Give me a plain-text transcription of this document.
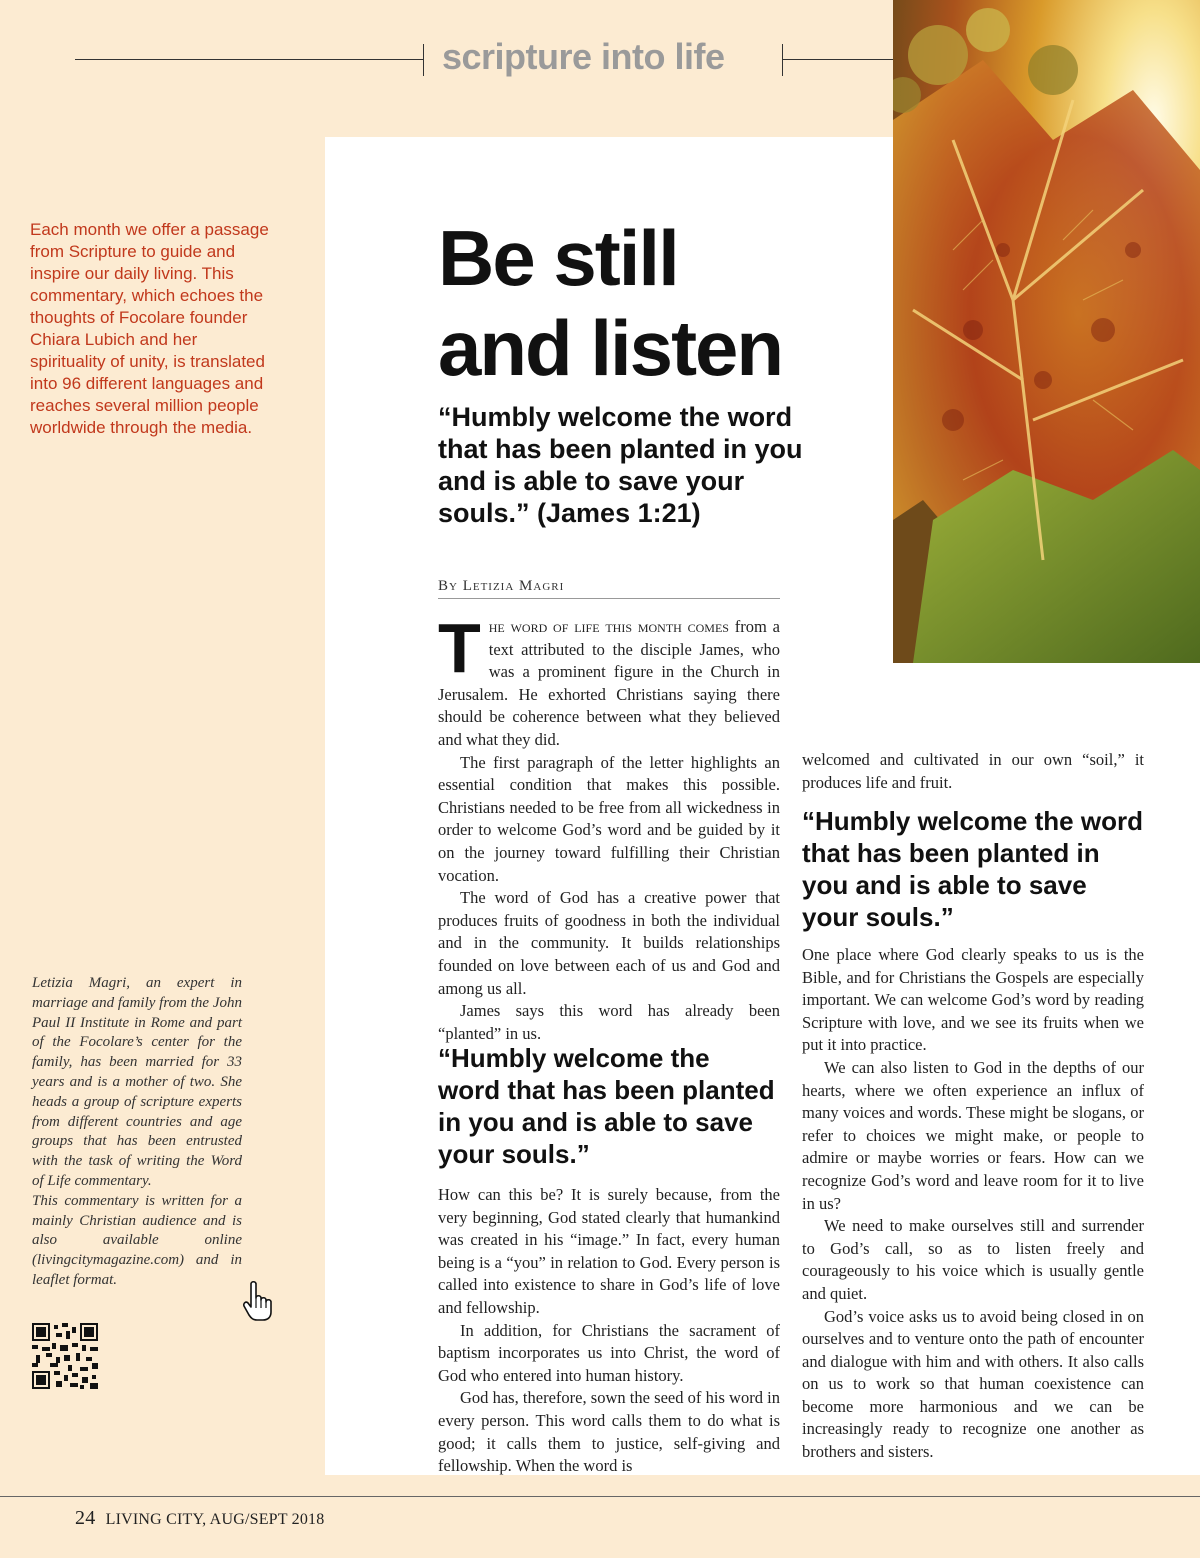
scripture into life
Each month we offer a passage from Scripture to guide and inspire our daily living. This commentary, which echoes the thoughts of Focolare founder Chiara Lubich and her spirituality of unity, is translated into 96 different languages and reaches several million people worldwide through the media.
Be still
and listen
“Humbly welcome the word that has been planted in you and is able to save your souls.” (James 1:21)
By Letizia Magri

The word of life this month comes from a text attributed to the disciple James, who was a prominent figure in the Church in Jerusalem. He exhorted Christians saying there should be coherence between what they believed and what they did.

The first paragraph of the letter highlights an essential condition that makes this possible. Christians needed to be free from all wickedness in order to welcome God’s word and be guided by it on the journey toward fulfilling their Christian vocation.

The word of God has a creative power that produces fruits of goodness in both the individual and in the community. It builds relationships founded on love between each of us and God and among us all.

James says this word has already been “planted” in us.

“Humbly welcome the word that has been planted in you and is able to save your souls.”

How can this be? It is surely because, from the very beginning, God stated clearly that humankind was created in his “image.” In fact, every human being is a “you” in relation to God. Every person is called into existence to share in God’s life of love and fellowship.

In addition, for Christians the sacrament of baptism incorporates us into Christ, the word of God who entered into human history.

God has, therefore, sown the seed of his word in every person. This word calls them to do what is good; it calls them to justice, self-giving and fellowship. When the word is

welcomed and cultivated in our own “soil,” it produces life and fruit.

“Humbly welcome the word that has been planted in you and is able to save your souls.”

One place where God clearly speaks to us is the Bible, and for Christians the Gospels are especially important. We can welcome God’s word by reading Scripture with love, and we see its fruits when we put it into practice.

We can also listen to God in the depths of our hearts, where we often experience an influx of many voices and words. These might be slogans, or refer to choices we might make, or people to admire or maybe worries or fears. How can we recognize God’s word and leave room for it to live in us?

We need to make ourselves still and surrender to God’s call, so as to listen freely and courageously to his voice which is usually gentle and quiet.

God’s voice asks us to avoid being closed in on ourselves and to venture onto the path of encounter and dialogue with him and with others. It also calls on us to work so that human coexistence can become more harmonious and we can be increasingly ready to recognize one another as brothers and sisters.

Letizia Magri, an expert in marriage and family from the John Paul II Institute in Rome and part of the Focolare’s center for the family, has been married for 33 years and is a mother of two. She heads a group of scripture experts from different countries and age groups that has been entrusted with the task of writing the Word of Life commentary.
This commentary is written for a mainly Christian audience and is also available online (livingcitymagazine.com) and in leaflet format.
24 LIVING CITY, AUG/SEPT 2018
